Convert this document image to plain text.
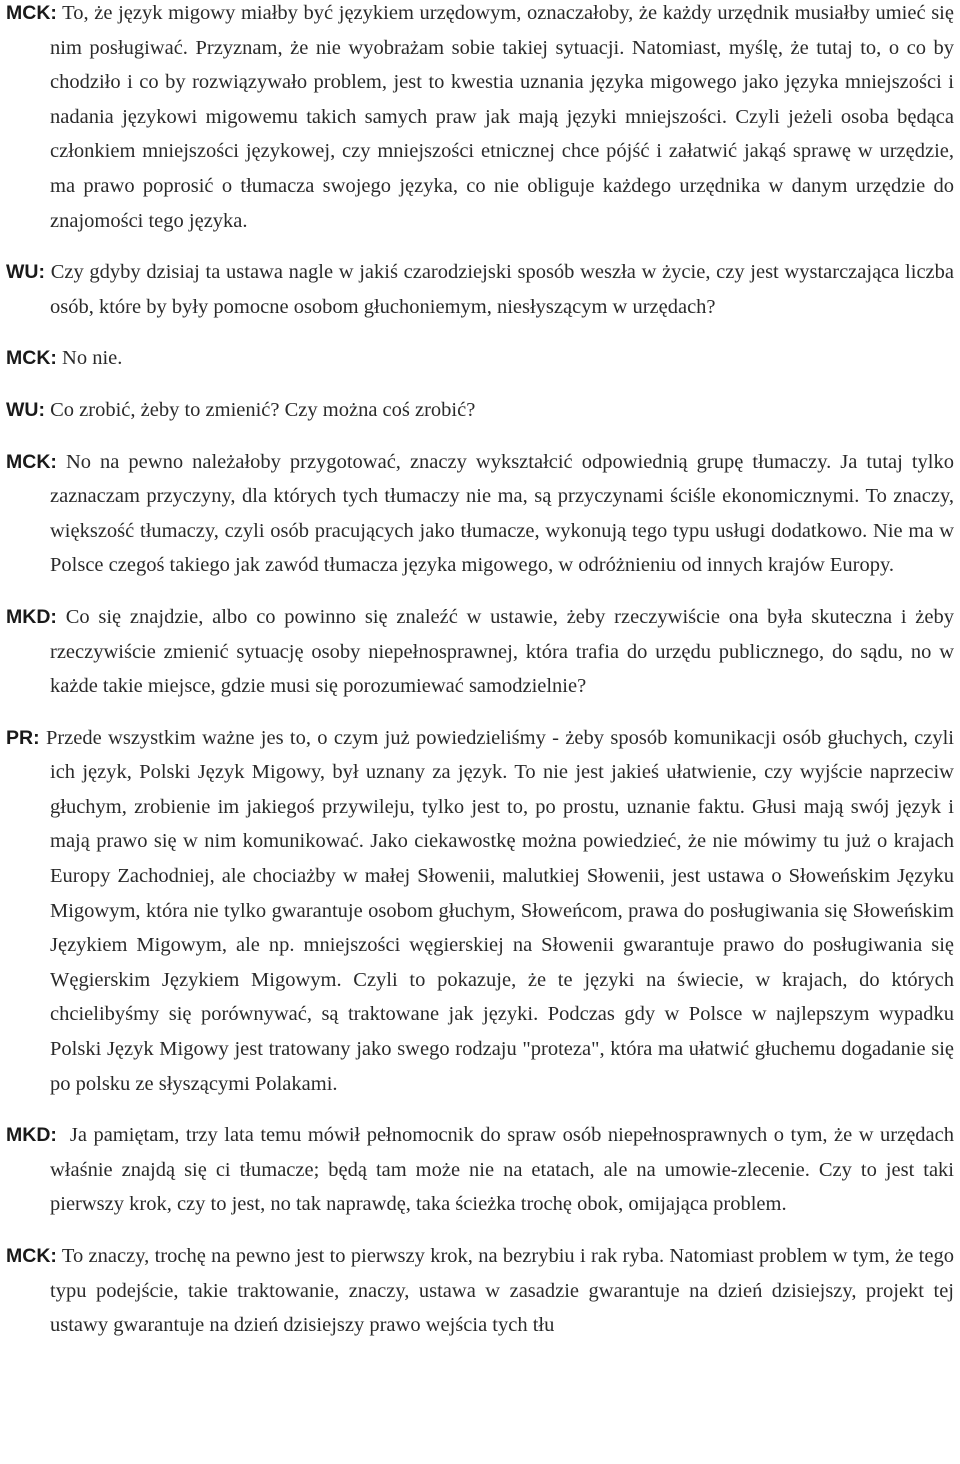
MCK: To, że język migowy miałby być językiem urzędowym, oznaczałoby, że każdy urzędnik musiałby umieć się nim posługiwać. Przyznam, że nie wyobrażam sobie takiej sytuacji. Natomiast, myślę, że tutaj to, o co by chodziło i co by rozwiązywało problem, jest to kwestia uznania języka migowego jako języka mniejszości i nadania językowi migowemu takich samych praw jak mają języki mniejszości. Czyli jeżeli osoba będąca członkiem mniejszości językowej, czy mniejszości etnicznej chce pójść i załatwić jakąś sprawę w urzędzie, ma prawo poprosić o tłumacza swojego języka, co nie obliguje każdego urzędnika w danym urzędzie do znajomości tego języka.

WU: Czy gdyby dzisiaj ta ustawa nagle w jakiś czarodziejski sposób weszła w życie, czy jest wystarczająca liczba osób, które by były pomocne osobom głuchoniemym, niesłyszącym w urzędach?

MCK: No nie.

WU: Co zrobić, żeby to zmienić? Czy można coś zrobić?

MCK: No na pewno należałoby przygotować, znaczy wykształcić odpowiednią grupę tłumaczy. Ja tutaj tylko zaznaczam przyczyny, dla których tych tłumaczy nie ma, są przyczynami ściśle ekonomicznymi. To znaczy, większość tłumaczy, czyli osób pracujących jako tłumacze, wykonują tego typu usługi dodatkowo. Nie ma w Polsce czegoś takiego jak zawód tłumacza języka migowego, w odróżnieniu od innych krajów Europy.

MKD: Co się znajdzie, albo co powinno się znaleźć w ustawie, żeby rzeczywiście ona była skuteczna i żeby rzeczywiście zmienić sytuację osoby niepełnosprawnej, która trafia do urzędu publicznego, do sądu, no w każde takie miejsce, gdzie musi się porozumiewać samodzielnie?

PR: Przede wszystkim ważne jes to, o czym już powiedzieliśmy - żeby sposób komunikacji osób głuchych, czyli ich język, Polski Język Migowy, był uznany za język. To nie jest jakieś ułatwienie, czy wyjście naprzeciw głuchym, zrobienie im jakiegoś przywileju, tylko jest to, po prostu, uznanie faktu. Głusi mają swój język i mają prawo się w nim komunikować. Jako ciekawostkę można powiedzieć, że nie mówimy tu już o krajach Europy Zachodniej, ale chociażby w małej Słowenii, malutkiej Słowenii, jest ustawa o Słoweńskim Języku Migowym, która nie tylko gwarantuje osobom głuchym, Słoweńcom, prawa do posługiwania się Słoweńskim Językiem Migowym, ale np. mniejszości węgierskiej na Słowenii gwarantuje prawo do posługiwania się Węgierskim Językiem Migowym. Czyli to pokazuje, że te języki na świecie, w krajach, do których chcielibyśmy się porównywać, są traktowane jak języki. Podczas gdy w Polsce w najlepszym wypadku Polski Język Migowy jest tratowany jako swego rodzaju "proteza", która ma ułatwić głuchemu dogadanie się po polsku ze słyszącymi Polakami.

MKD: Ja pamiętam, trzy lata temu mówił pełnomocnik do spraw osób niepełnosprawnych o tym, że w urzędach właśnie znajdą się ci tłumacze; będą tam może nie na etatach, ale na umowie-zlecenie. Czy to jest taki pierwszy krok, czy to jest, no tak naprawdę, taka ścieżka trochę obok, omijająca problem.

MCK: To znaczy, trochę na pewno jest to pierwszy krok, na bezrybiu i rak ryba. Natomiast problem w tym, że tego typu podejście, takie traktowanie, znaczy, ustawa w zasadzie gwarantuje na dzień dzisiejszy, projekt tej ustawy gwarantuje na dzień dzisiejszy prawo wejścia tych tłu
